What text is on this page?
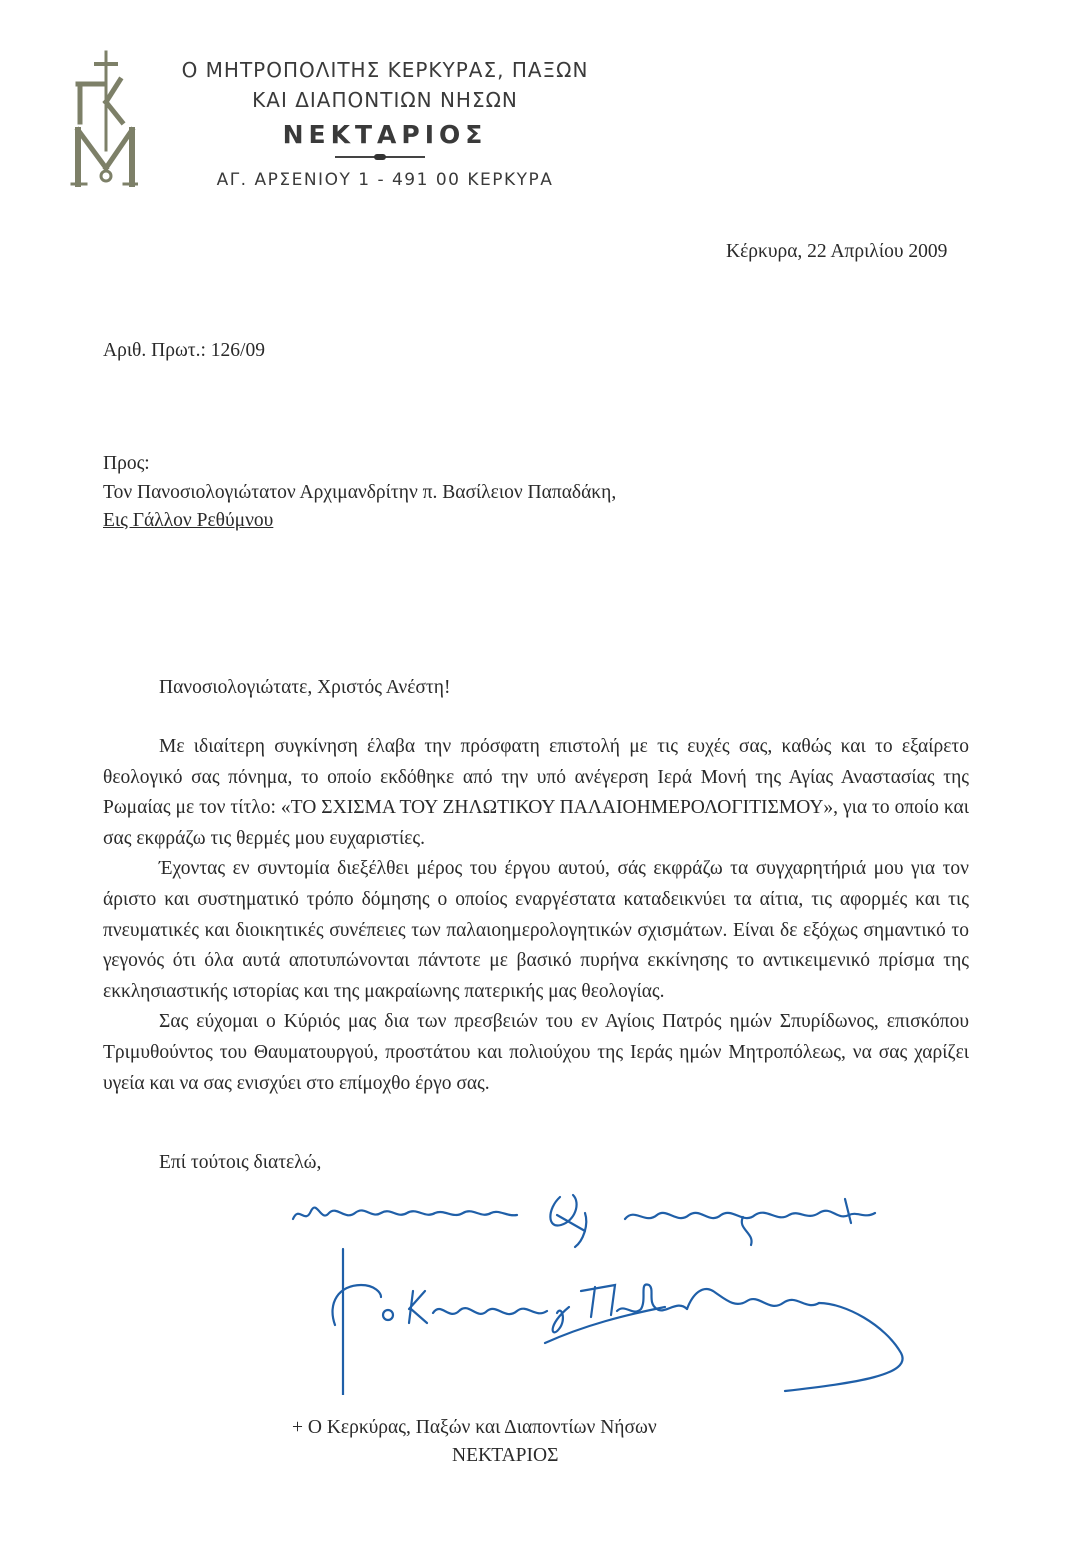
Ο ΜΗΤΡΟΠΟΛΙΤΗΣ ΚΕΡΚΥΡΑΣ, ΠΑΞΩΝ
ΚΑΙ ΔΙΑΠΟΝΤΙΩΝ ΝΗΣΩΝ
ΝΕΚΤΑΡΙΟΣ
ΑΓ. ΑΡΣΕΝΙΟΥ 1 - 491 00 ΚΕΡΚΥΡΑ
Κέρκυρα, 22 Απριλίου 2009
Αριθ. Πρωτ.: 126/09
Προς:
Τον Πανοσιολογιώτατον Αρχιμανδρίτην π. Βασίλειον Παπαδάκη,
Εις Γάλλον Ρεθύμνου
Πανοσιολογιώτατε, Χριστός Ανέστη!

Με ιδιαίτερη συγκίνηση έλαβα την πρόσφατη επιστολή με τις ευχές σας, καθώς και το εξαίρετο θεολογικό σας πόνημα, το οποίο εκδόθηκε από την υπό ανέγερση Ιερά Μονή της Αγίας Αναστασίας της Ρωμαίας με τον τίτλο: «ΤΟ ΣΧΙΣΜΑ ΤΟΥ ΖΗΛΩΤΙΚΟΥ ΠΑΛΑΙΟΗΜΕΡΟΛΟΓΙΤΙΣΜΟΥ», για το οποίο και σας εκφράζω τις θερμές μου ευχαριστίες.

Έχοντας εν συντομία διεξέλθει μέρος του έργου αυτού, σάς εκφράζω τα συγχαρητήριά μου για τον άριστο και συστηματικό τρόπο δόμησης ο οποίος εναργέστατα καταδεικνύει τα αίτια, τις αφορμές και τις πνευματικές και διοικητικές συνέπειες των παλαιοημερολογητικών σχισμάτων. Είναι δε εξόχως σημαντικό το γεγονός ότι όλα αυτά αποτυπώνονται πάντοτε με βασικό πυρήνα εκκίνησης το αντικειμενικό πρίσμα της εκκλησιαστικής ιστορίας και της μακραίωνης πατερικής μας θεολογίας.

Σας εύχομαι ο Κύριός μας δια των πρεσβειών του εν Αγίοις Πατρός ημών Σπυρίδωνος, επισκόπου Τριμυθούντος του Θαυματουργού, προστάτου και πολιούχου της Ιεράς ημών Μητροπόλεως, να σας χαρίζει υγεία και να σας ενισχύει στο επίμοχθο έργο σας.

Επί τούτοις διατελώ,
+ Ο Κερκύρας, Παξών και Διαποντίων Νήσων
ΝΕΚΤΑΡΙΟΣ
